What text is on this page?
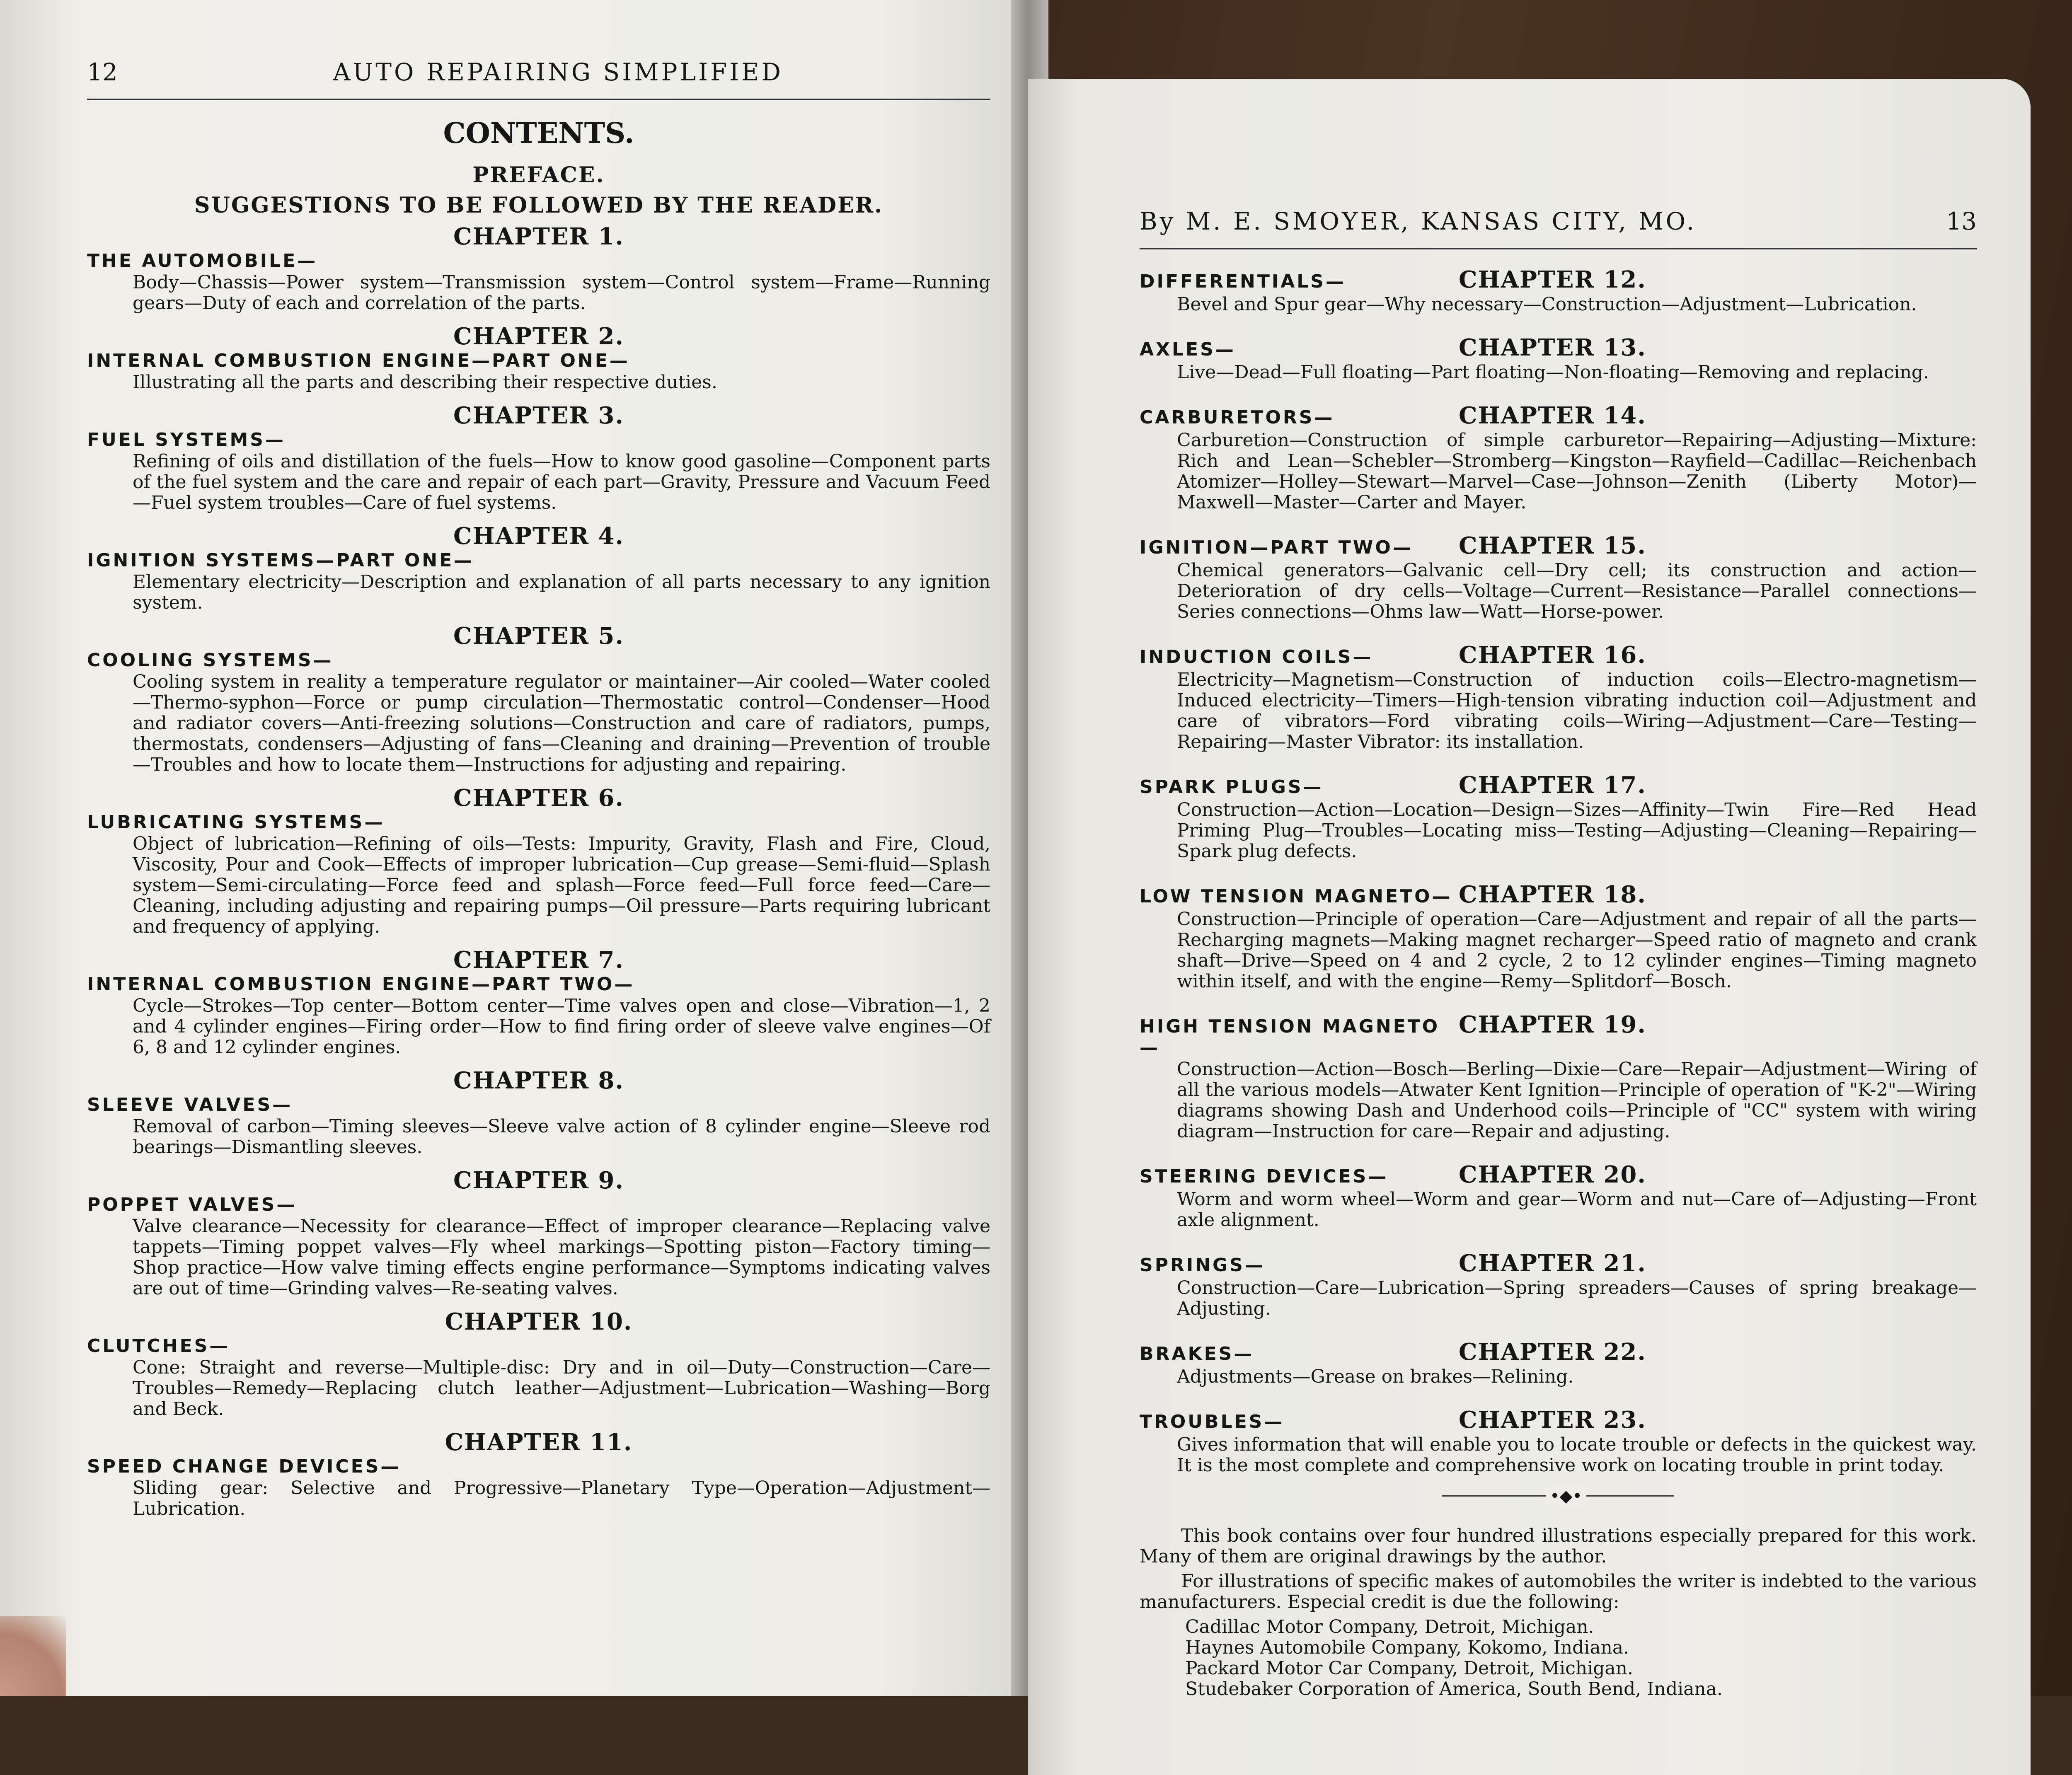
12	AUTO REPAIRING SIMPLIFIED
CONTENTS.
PREFACE.
SUGGESTIONS TO BE FOLLOWED BY THE READER.
CHAPTER 1.
THE AUTOMOBILE—
Body—Chassis—Power system—Transmission system—Control system—Frame—Running gears—Duty of each and correlation of the parts.
CHAPTER 2.
INTERNAL COMBUSTION ENGINE—PART ONE—
Illustrating all the parts and describing their respective duties.
CHAPTER 3.
FUEL SYSTEMS—
Refining of oils and distillation of the fuels—How to know good gasoline—Component parts of the fuel system and the care and repair of each part—Gravity, Pressure and Vacuum Feed—Fuel system troubles—Care of fuel systems.
CHAPTER 4.
IGNITION SYSTEMS—PART ONE—
Elementary electricity—Description and explanation of all parts necessary to any ignition system.
CHAPTER 5.
COOLING SYSTEMS—
Cooling system in reality a temperature regulator or maintainer—Air cooled—Water cooled—Thermo-syphon—Force or pump circulation—Thermostatic control—Condenser—Hood and radiator covers—Anti-freezing solutions—Construction and care of radiators, pumps, thermostats, condensers—Adjusting of fans—Cleaning and draining—Prevention of trouble—Troubles and how to locate them—Instructions for adjusting and repairing.
CHAPTER 6.
LUBRICATING SYSTEMS—
Object of lubrication—Refining of oils—Tests: Impurity, Gravity, Flash and Fire, Cloud, Viscosity, Pour and Cook—Effects of improper lubrication—Cup grease—Semi-fluid—Splash system—Semi-circulating—Force feed and splash—Force feed—Full force feed—Care—Cleaning, including adjusting and repairing pumps—Oil pressure—Parts requiring lubricant and frequency of applying.
CHAPTER 7.
INTERNAL COMBUSTION ENGINE—PART TWO—
Cycle—Strokes—Top center—Bottom center—Time valves open and close—Vibration—1, 2 and 4 cylinder engines—Firing order—How to find firing order of sleeve valve engines—Of 6, 8 and 12 cylinder engines.
CHAPTER 8.
SLEEVE VALVES—
Removal of carbon—Timing sleeves—Sleeve valve action of 8 cylinder engine—Sleeve rod bearings—Dismantling sleeves.
CHAPTER 9.
POPPET VALVES—
Valve clearance—Necessity for clearance—Effect of improper clearance—Replacing valve tappets—Timing poppet valves—Fly wheel markings—Spotting piston—Factory timing—Shop practice—How valve timing effects engine performance—Symptoms indicating valves are out of time—Grinding valves—Re-seating valves.
CHAPTER 10.
CLUTCHES—
Cone: Straight and reverse—Multiple-disc: Dry and in oil—Duty—Construction—Care—Troubles—Remedy—Replacing clutch leather—Adjustment—Lubrication—Washing—Borg and Beck.
CHAPTER 11.
SPEED CHANGE DEVICES—
Sliding gear: Selective and Progressive—Planetary Type—Operation—Adjustment—Lubrication.
By M. E. SMOYER, KANSAS CITY, MO.	13
DIFFERENTIALS—	CHAPTER 12.
Bevel and Spur gear—Why necessary—Construction—Adjustment—Lubrication.
AXLES—	CHAPTER 13.
Live—Dead—Full floating—Part floating—Non-floating—Removing and replacing.
CARBURETORS—	CHAPTER 14.
Carburetion—Construction of simple carburetor—Repairing—Adjusting—Mixture: Rich and Lean—Schebler—Stromberg—Kingston—Rayfield—Cadillac—Reichenbach Atomizer—Holley—Stewart—Marvel—Case—Johnson—Zenith (Liberty Motor)—Maxwell—Master—Carter and Mayer.
IGNITION—PART TWO—	CHAPTER 15.
Chemical generators—Galvanic cell—Dry cell; its construction and action—Deterioration of dry cells—Voltage—Current—Resistance—Parallel connections—Series connections—Ohms law—Watt—Horse-power.
INDUCTION COILS—	CHAPTER 16.
Electricity—Magnetism—Construction of induction coils—Electro-magnetism—Induced electricity—Timers—High-tension vibrating induction coil—Adjustment and care of vibrators—Ford vibrating coils—Wiring—Adjustment—Care—Testing—Repairing—Master Vibrator: its installation.
SPARK PLUGS—	CHAPTER 17.
Construction—Action—Location—Design—Sizes—Affinity—Twin Fire—Red Head Priming Plug—Troubles—Locating miss—Testing—Adjusting—Cleaning—Repairing—Spark plug defects.
LOW TENSION MAGNETO— CHAPTER 18.
Construction—Principle of operation—Care—Adjustment and repair of all the parts—Recharging magnets—Making magnet recharger—Speed ratio of magneto and crank shaft—Drive—Speed on 4 and 2 cycle, 2 to 12 cylinder engines—Timing magneto within itself, and with the engine—Remy—Splitdorf—Bosch.
HIGH TENSION MAGNETO—
CHAPTER 19.
Construction—Action—Bosch—Berling—Dixie—Care—Repair—Adjustment—Wiring of all the various models—Atwater Kent Ignition—Principle of operation of "K-2"—Wiring diagrams showing Dash and Underhood coils—Principle of "CC" system with wiring diagram—Instruction for care—Repair and adjusting.
STEERING DEVICES—	CHAPTER 20.
Worm and worm wheel—Worm and gear—Worm and nut—Care of—Adjusting—Front axle alignment.
SPRINGS—	CHAPTER 21.
Construction—Care—Lubrication—Spring spreaders—Causes of spring breakage—Adjusting.
BRAKES—	CHAPTER 22.
Adjustments—Grease on brakes—Relining.
TROUBLES—	CHAPTER 23.
Gives information that will enable you to locate trouble or defects in the quickest way. It is the most complete and comprehensive work on locating trouble in print today.
•◆•

This book contains over four hundred illustrations especially prepared for this work. Many of them are original drawings by the author.

For illustrations of specific makes of automobiles the writer is indebted to the various manufacturers. Especial credit is due the following:

Cadillac Motor Company, Detroit, Michigan.

Haynes Automobile Company, Kokomo, Indiana.

Packard Motor Car Company, Detroit, Michigan.

Studebaker Corporation of America, South Bend, Indiana.
